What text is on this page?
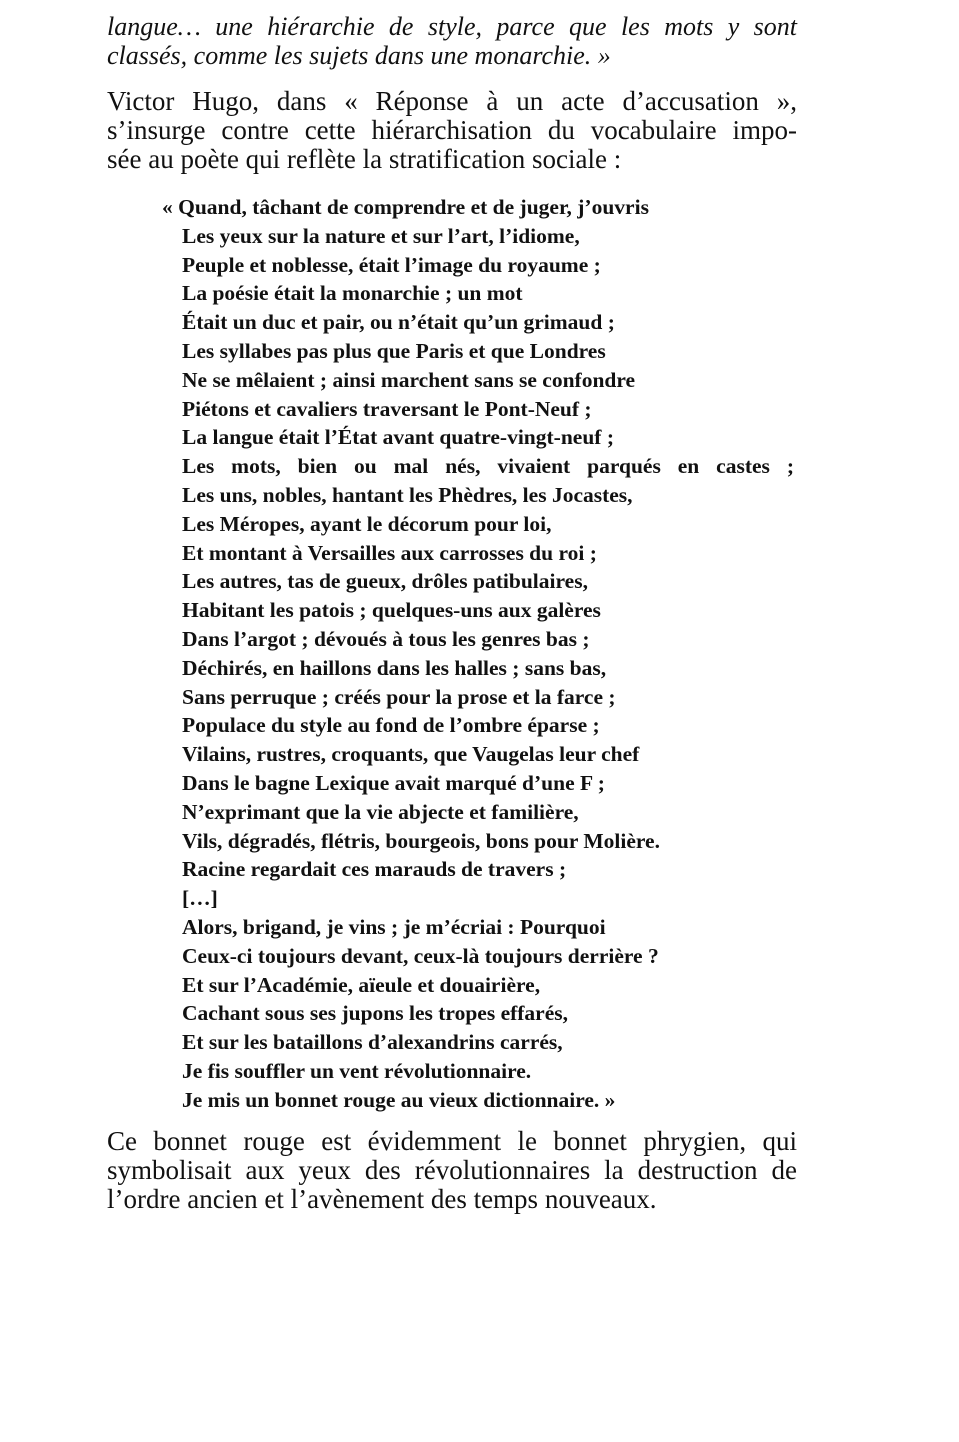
langue… une hiérarchie de style, parce que les mots y sont
classés, comme les sujets dans une monarchie. »
Victor Hugo, dans « Réponse à un acte d’accusation »,
s’insurge contre cette hiérarchisation du vocabulaire impo-
sée au poète qui reflète la stratification sociale :
« Quand, tâchant de comprendre et de juger, j’ouvris
Les yeux sur la nature et sur l’art, l’idiome,
Peuple et noblesse, était l’image du royaume ;
La poésie était la monarchie ; un mot
Était un duc et pair, ou n’était qu’un grimaud ;
Les syllabes pas plus que Paris et que Londres
Ne se mêlaient ; ainsi marchent sans se confondre
Piétons et cavaliers traversant le Pont-Neuf ;
La langue était l’État avant quatre-vingt-neuf ;
Les mots, bien ou mal nés, vivaient parqués en castes ;
Les uns, nobles, hantant les Phèdres, les Jocastes,
Les Méropes, ayant le décorum pour loi,
Et montant à Versailles aux carrosses du roi ;
Les autres, tas de gueux, drôles patibulaires,
Habitant les patois ; quelques-uns aux galères
Dans l’argot ; dévoués à tous les genres bas ;
Déchirés, en haillons dans les halles ; sans bas,
Sans perruque ; créés pour la prose et la farce ;
Populace du style au fond de l’ombre éparse ;
Vilains, rustres, croquants, que Vaugelas leur chef
Dans le bagne Lexique avait marqué d’une F ;
N’exprimant que la vie abjecte et familière,
Vils, dégradés, flétris, bourgeois, bons pour Molière.
Racine regardait ces marauds de travers ;
[…]
Alors, brigand, je vins ; je m’écriai : Pourquoi
Ceux-ci toujours devant, ceux-là toujours derrière ?
Et sur l’Académie, aïeule et douairière,
Cachant sous ses jupons les tropes effarés,
Et sur les bataillons d’alexandrins carrés,
Je fis souffler un vent révolutionnaire.
Je mis un bonnet rouge au vieux dictionnaire. »
Ce bonnet rouge est évidemment le bonnet phrygien, qui
symbolisait aux yeux des révolutionnaires la destruction de
l’ordre ancien et l’avènement des temps nouveaux.
